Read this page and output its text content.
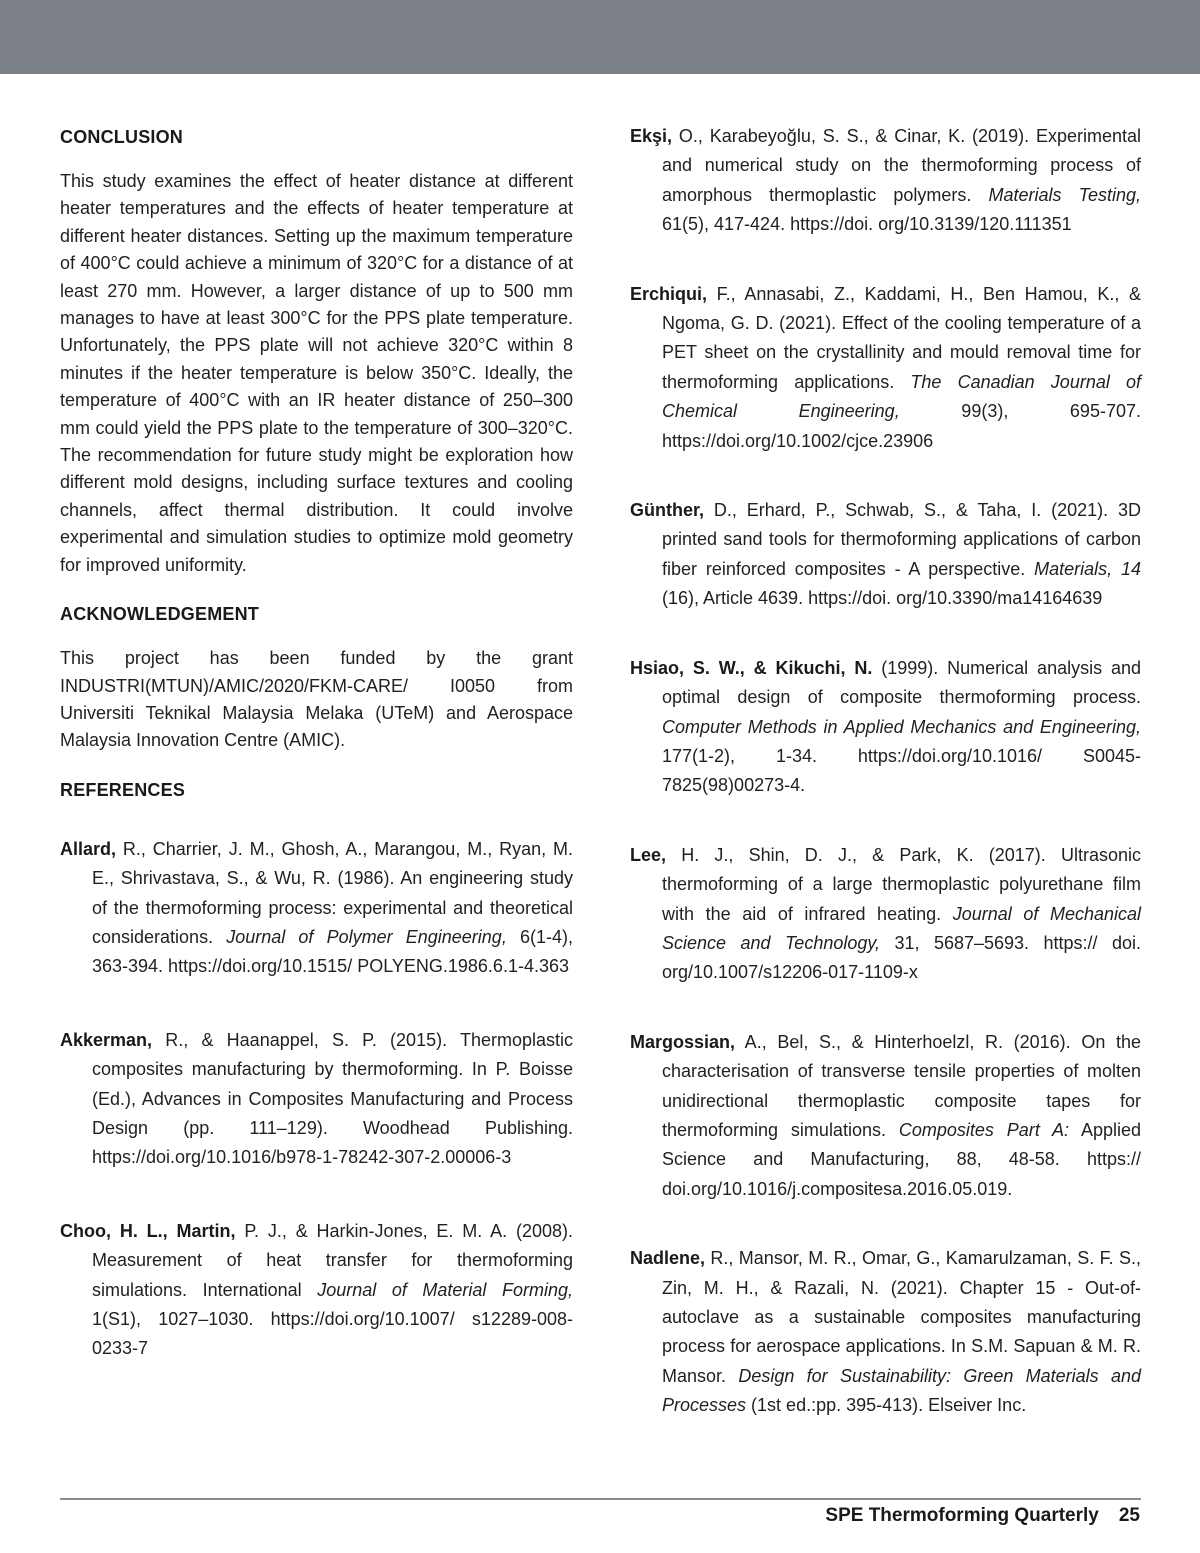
CONCLUSION

This study examines the effect of heater distance at different heater temperatures and the effects of heater temperature at different heater distances. Setting up the maximum temperature of 400°C could achieve a minimum of 320°C for a distance of at least 270 mm. However, a larger distance of up to 500 mm manages to have at least 300°C for the PPS plate temperature. Unfortunately, the PPS plate will not achieve 320°C within 8 minutes if the heater temperature is below 350°C. Ideally, the temperature of 400°C with an IR heater distance of 250–300 mm could yield the PPS plate to the temperature of 300–320°C. The recommendation for future study might be exploration how different mold designs, including surface textures and cooling channels, affect thermal distribution. It could involve experimental and simulation studies to optimize mold geometry for improved uniformity.

ACKNOWLEDGEMENT

This project has been funded by the grant INDUSTRI(MTUN)/AMIC/2020/FKM-CARE/ I0050 from Universiti Teknikal Malaysia Melaka (UTeM) and Aerospace Malaysia Innovation Centre (AMIC).

REFERENCES
Allard, R., Charrier, J. M., Ghosh, A., Marangou, M., Ryan, M. E., Shrivastava, S., & Wu, R. (1986). An engineering study of the thermoforming process: experimental and theoretical considerations. Journal of Polymer Engineering, 6(1-4), 363-394. https://doi.org/10.1515/ POLYENG.1986.6.1-4.363
Akkerman, R., & Haanappel, S. P. (2015). Thermoplastic composites manufacturing by thermoforming. In P. Boisse (Ed.), Advances in Composites Manufacturing and Process Design (pp. 111–129). Woodhead Publishing. https://doi.org/10.1016/b978-1-78242-307-2.00006-3
Choo, H. L., Martin, P. J., & Harkin-Jones, E. M. A. (2008). Measurement of heat transfer for thermoforming simulations. International Journal of Material Forming, 1(S1), 1027–1030. https://doi.org/10.1007/ s12289-008-0233-7
Ekşi, O., Karabeyoğlu, S. S., & Cinar, K. (2019). Experimental and numerical study on the thermoforming process of amorphous thermoplastic polymers. Materials Testing, 61(5), 417-424. https://doi. org/10.3139/120.111351
Erchiqui, F., Annasabi, Z., Kaddami, H., Ben Hamou, K., & Ngoma, G. D. (2021). Effect of the cooling temperature of a PET sheet on the crystallinity and mould removal time for thermoforming applications. The Canadian Journal of Chemical Engineering, 99(3), 695-707. https://doi.org/10.1002/cjce.23906
Günther, D., Erhard, P., Schwab, S., & Taha, I. (2021). 3D printed sand tools for thermoforming applications of carbon fiber reinforced composites - A perspective. Materials, 14 (16), Article 4639. https://doi. org/10.3390/ma14164639
Hsiao, S. W., & Kikuchi, N. (1999). Numerical analysis and optimal design of composite thermoforming process. Computer Methods in Applied Mechanics and Engineering, 177(1-2), 1-34. https://doi.org/10.1016/ S0045-7825(98)00273-4.
Lee, H. J., Shin, D. J., & Park, K. (2017). Ultrasonic thermoforming of a large thermoplastic polyurethane film with the aid of infrared heating. Journal of Mechanical Science and Technology, 31, 5687–5693. https:// doi. org/10.1007/s12206-017-1109-x
Margossian, A., Bel, S., & Hinterhoelzl, R. (2016). On the characterisation of transverse tensile properties of molten unidirectional thermoplastic composite tapes for thermoforming simulations. Composites Part A: Applied Science and Manufacturing, 88, 48-58. https:// doi.org/10.1016/j.compositesa.2016.05.019.
Nadlene, R., Mansor, M. R., Omar, G., Kamarulzaman, S. F. S., Zin, M. H., & Razali, N. (2021). Chapter 15 - Out-of-autoclave as a sustainable composites manufacturing process for aerospace applications. In S.M. Sapuan & M. R. Mansor. Design for Sustainability: Green Materials and Processes (1st ed.:pp. 395-413). Elseiver Inc.
SPE Thermoforming Quarterly 25
